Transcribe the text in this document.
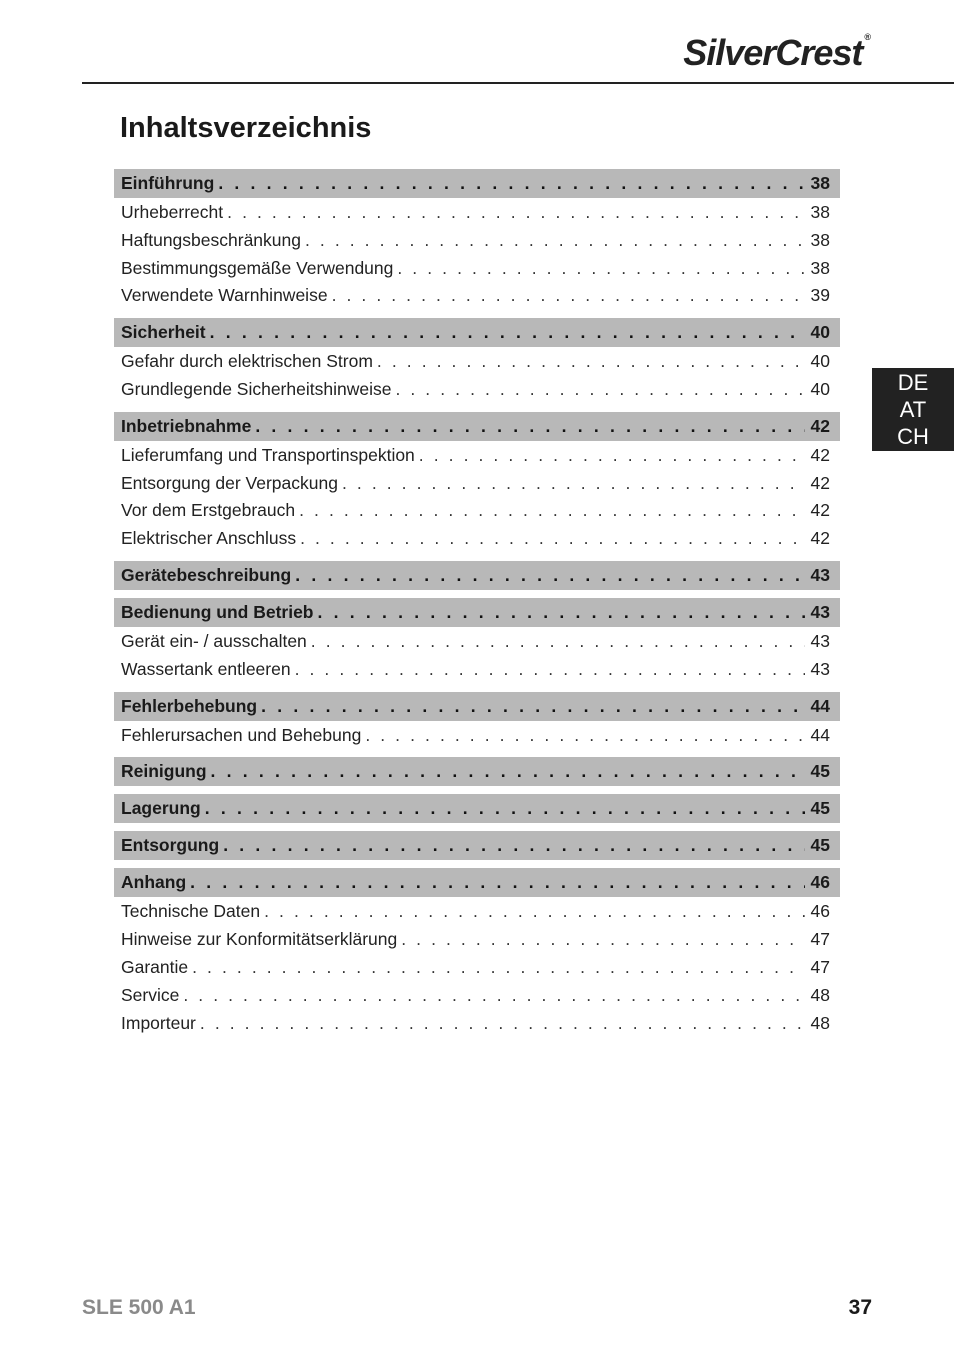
SilverCrest ®
Inhaltsverzeichnis
Einführung . . .	38
Urheberrecht . . .	38
Haftungsbeschränkung . . .	38
Bestimmungsgemäße Verwendung . . .	38
Verwendete Warnhinweise . . .	39
Sicherheit . . .	40
Gefahr durch elektrischen Strom . . .	40
Grundlegende Sicherheitshinweise . . .	40
Inbetriebnahme . . .	42
Lieferumfang und Transportinspektion . . .	42
Entsorgung der Verpackung . . .	42
Vor dem Erstgebrauch . . .	42
Elektrischer Anschluss . . .	42
Gerätebeschreibung . . .	43
Bedienung und Betrieb . . .	43
Gerät ein- / ausschalten . . .	43
Wassertank entleeren . . .	43
Fehlerbehebung . . .	44
Fehlerursachen und Behebung . . .	44
Reinigung . . .	45
Lagerung . . .	45
Entsorgung . . .	45
Anhang . . .	46
Technische Daten . . .	46
Hinweise zur Konformitätserklärung . . .	47
Garantie . . .	47
Service . . .	48
Importeur . . .	48
DE
AT
CH
SLE 500 A1	37
